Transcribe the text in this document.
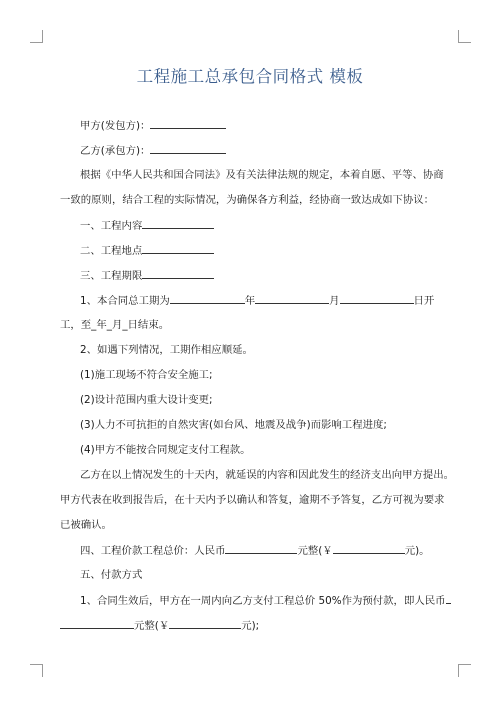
工程施工总承包合同格式 模板
甲方(发包方)：
乙方(承包方)：
根据《中华人民共和国合同法》及有关法律法规的规定，本着自愿、平等、协商
一致的原则，结合工程的实际情况，为确保各方利益，经协商一致达成如下协议：
一、工程内容
二、工程地点
三、工程期限
1、本合同总工期为	年	月	日开
工，至_年_月_日结束。
2、如遇下列情况，工期作相应顺延。
(1)施工现场不符合安全施工;
(2)设计范围内重大设计变更;
(3)人力不可抗拒的自然灾害(如台风、地震及战争)而影响工程进度;
(4)甲方不能按合同规定支付工程款。
乙方在以上情况发生的十天内，就延误的内容和因此发生的经济支出向甲方提出。
甲方代表在收到报告后，在十天内予以确认和答复，逾期不予答复，乙方可视为要求
已被确认。
四、工程价款工程总价：人民币	元整(￥	元)。
五、付款方式
1、合同生效后，甲方在一周内向乙方支付工程总价 50%作为预付款，即人民币
元整(￥	元);
